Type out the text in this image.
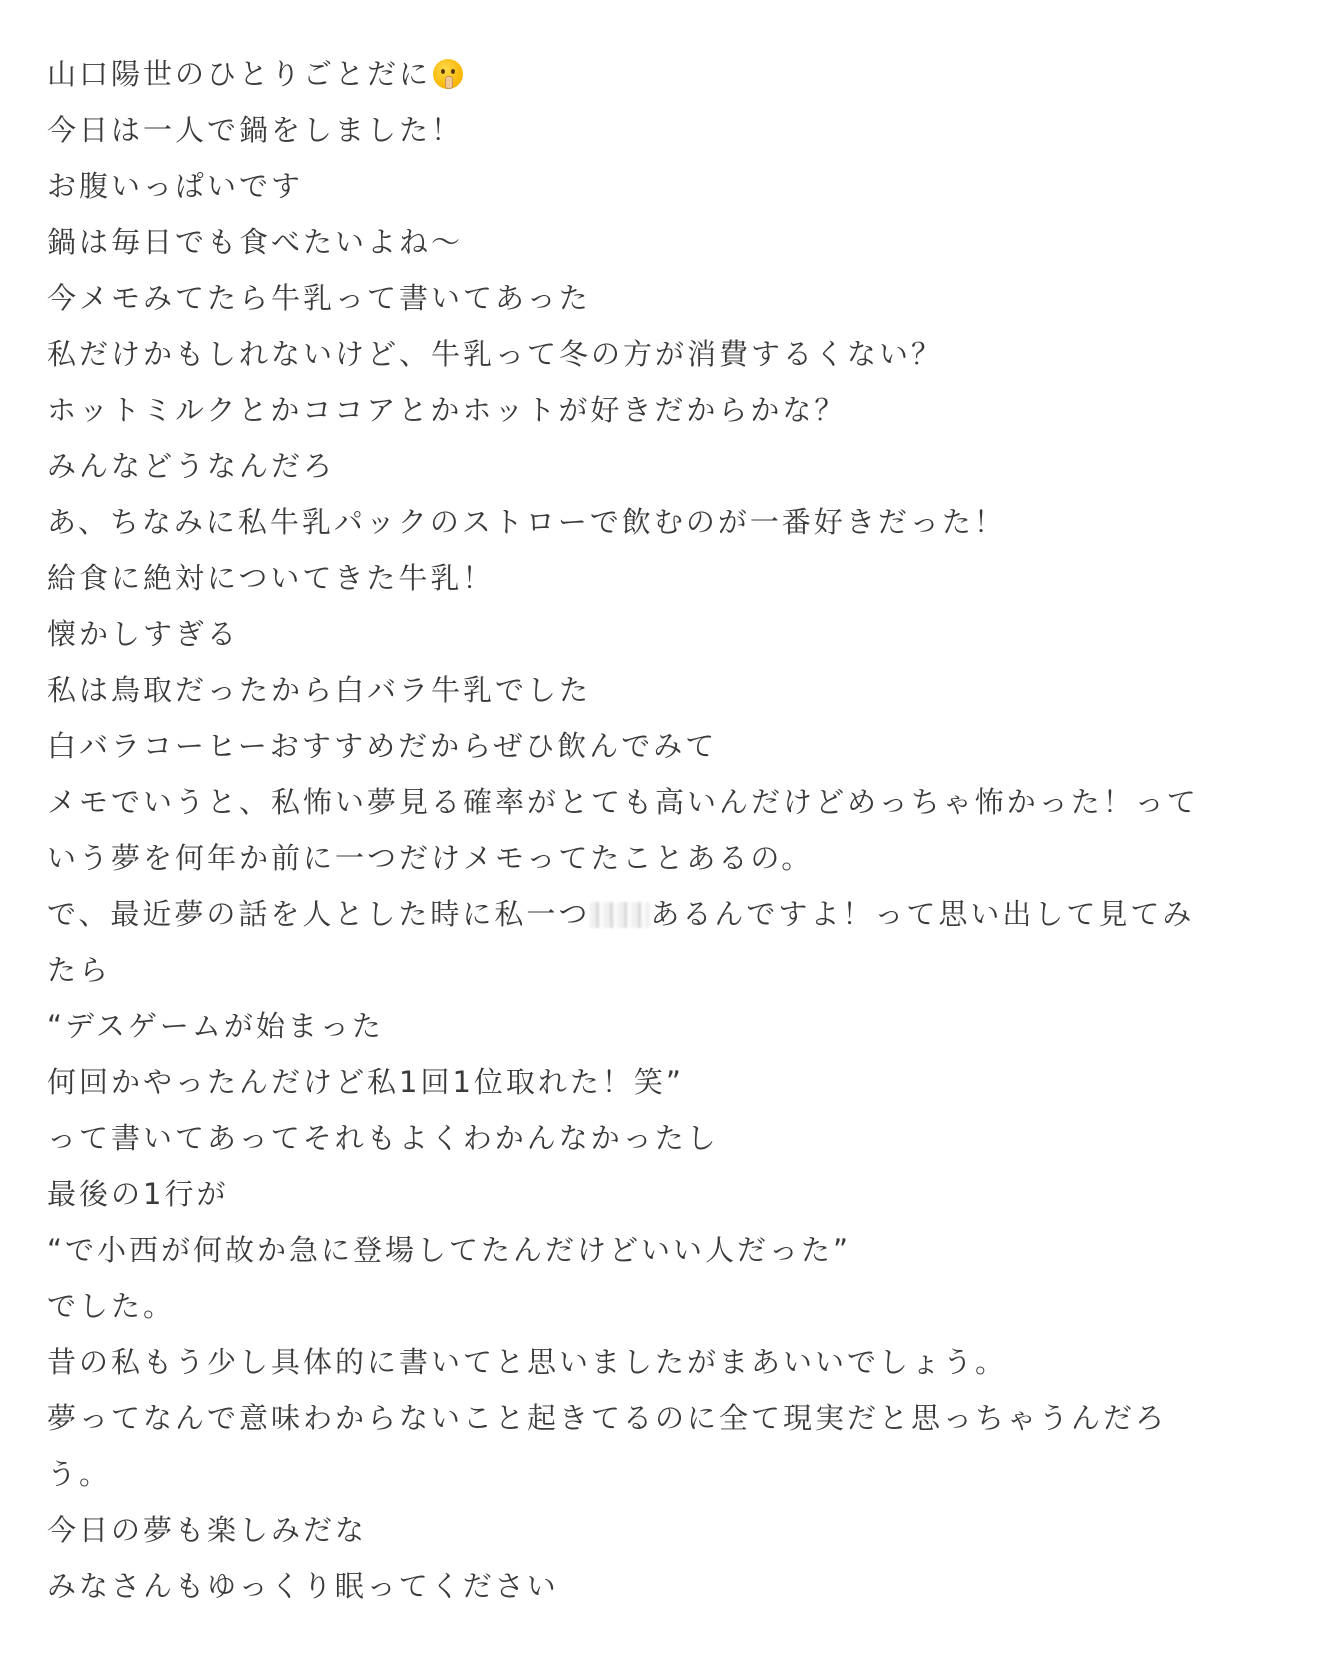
山口陽世のひとりごとだに
今日は一人で鍋をしました！
お腹いっぱいです
鍋は毎日でも食べたいよね〜
今メモみてたら牛乳って書いてあった
私だけかもしれないけど、牛乳って冬の方が消費するくない？
ホットミルクとかココアとかホットが好きだからかな？
みんなどうなんだろ
あ、ちなみに私牛乳パックのストローで飲むのが一番好きだった！
給食に絶対についてきた牛乳！
懐かしすぎる
私は鳥取だったから白バラ牛乳でした
白バラコーヒーおすすめだからぜひ飲んでみて
メモでいうと、私怖い夢見る確率がとても高いんだけどめっちゃ怖かった！って
いう夢を何年か前に一つだけメモってたことあるの。
で、最近夢の話を人とした時に私一つ あるんですよ！って思い出して見てみ
たら
“デスゲームが始まった
何回かやったんだけど私1回1位取れた！笑”
って書いてあってそれもよくわかんなかったし
最後の1行が
“で小西が何故か急に登場してたんだけどいい人だった”
でした。
昔の私もう少し具体的に書いてと思いましたがまあいいでしょう。
夢ってなんで意味わからないこと起きてるのに全て現実だと思っちゃうんだろ
う。
今日の夢も楽しみだな
みなさんもゆっくり眠ってください
